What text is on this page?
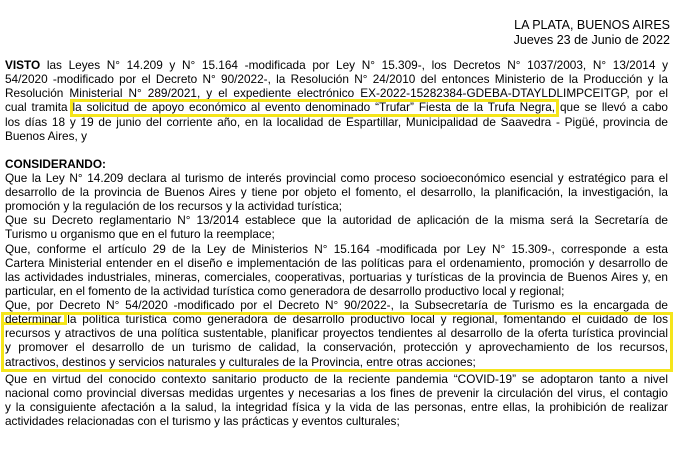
LA PLATA, BUENOS AIRES
Jueves 23 de Junio de 2022
VISTO las Leyes N° 14.209 y N° 15.164 -modificada por Ley N° 15.309-, los Decretos N° 1037/2003, N° 13/2014 y
54/2020 -modificado por el Decreto N° 90/2022-, la Resolución N° 24/2010 del entonces Ministerio de la Producción y la
Resolución Ministerial N° 289/2021, y el expediente electrónico EX-2022-15282384-GDEBA-DTAYLDLIMPCEITGP, por el
cual tramita la solicitud de apoyo económico al evento denominado “Trufar” Fiesta de la Trufa Negra, que se llevó a cabo
los días 18 y 19 de junio del corriente año, en la localidad de Espartillar, Municipalidad de Saavedra - Pigüé, provincia de
Buenos Aires, y
CONSIDERANDO:
Que la Ley N° 14.209 declara al turismo de interés provincial como proceso socioeconómico esencial y estratégico para el
desarrollo de la provincia de Buenos Aires y tiene por objeto el fomento, el desarrollo, la planificación, la investigación, la
promoción y la regulación de los recursos y la actividad turística;
Que su Decreto reglamentario N° 13/2014 establece que la autoridad de aplicación de la misma será la Secretaría de
Turismo u organismo que en el futuro la reemplace;
Que, conforme el artículo 29 de la Ley de Ministerios N° 15.164 -modificada por Ley N° 15.309-, corresponde a esta
Cartera Ministerial entender en el diseño e implementación de las políticas para el ordenamiento, promoción y desarrollo de
las actividades industriales, mineras, comerciales, cooperativas, portuarias y turísticas de la provincia de Buenos Aires y, en
particular, en el fomento de la actividad turística como generadora de desarrollo productivo local y regional;
Que, por Decreto N° 54/2020 -modificado por el Decreto N° 90/2022-, la Subsecretaría de Turismo es la encargada de
determinar la política turística como generadora de desarrollo productivo local y regional, fomentando el cuidado de los
recursos y atractivos de una política sustentable, planificar proyectos tendientes al desarrollo de la oferta turística provincial
y promover el desarrollo de un turismo de calidad, la conservación, protección y aprovechamiento de los recursos,
atractivos, destinos y servicios naturales y culturales de la Provincia, entre otras acciones;
Que en virtud del conocido contexto sanitario producto de la reciente pandemia “COVID-19” se adoptaron tanto a nivel
nacional como provincial diversas medidas urgentes y necesarias a los fines de prevenir la circulación del virus, el contagio
y la consiguiente afectación a la salud, la integridad física y la vida de las personas, entre ellas, la prohibición de realizar
actividades relacionadas con el turismo y las prácticas y eventos culturales;
